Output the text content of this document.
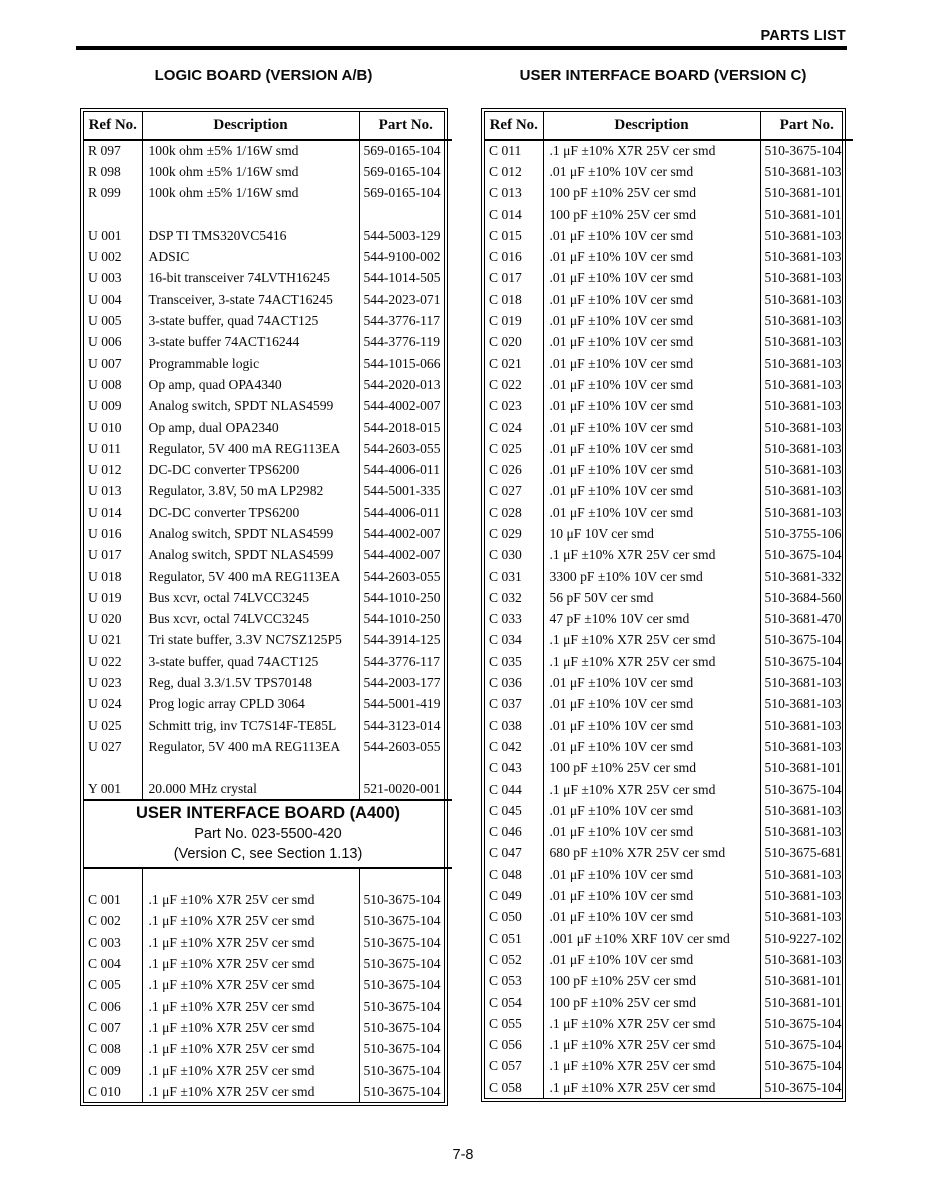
PARTS LIST
LOGIC BOARD (VERSION A/B)	USER INTERFACE BOARD (VERSION C)
Ref No.	Description	Part No.
R 097	100k ohm ±5% 1/16W smd	569-0165-104
R 098	100k ohm ±5% 1/16W smd	569-0165-104
R 099	100k ohm ±5% 1/16W smd	569-0165-104

U 001	DSP TI TMS320VC5416	544-5003-129
U 002	ADSIC	544-9100-002
U 003	16-bit transceiver 74LVTH16245	544-1014-505
U 004	Transceiver, 3-state 74ACT16245	544-2023-071
U 005	3-state buffer, quad 74ACT125	544-3776-117
U 006	3-state buffer 74ACT16244	544-3776-119
U 007	Programmable logic	544-1015-066
U 008	Op amp, quad OPA4340	544-2020-013
U 009	Analog switch, SPDT NLAS4599	544-4002-007
U 010	Op amp, dual OPA2340	544-2018-015
U 011	Regulator, 5V 400 mA REG113EA	544-2603-055
U 012	DC-DC converter TPS6200	544-4006-011
U 013	Regulator, 3.8V, 50 mA LP2982	544-5001-335
U 014	DC-DC converter TPS6200	544-4006-011
U 016	Analog switch, SPDT NLAS4599	544-4002-007
U 017	Analog switch, SPDT NLAS4599	544-4002-007
U 018	Regulator, 5V 400 mA REG113EA	544-2603-055
U 019	Bus xcvr, octal 74LVCC3245	544-1010-250
U 020	Bus xcvr, octal 74LVCC3245	544-1010-250
U 021	Tri state buffer, 3.3V NC7SZ125P5	544-3914-125
U 022	3-state buffer, quad 74ACT125	544-3776-117
U 023	Reg, dual 3.3/1.5V TPS70148	544-2003-177
U 024	Prog logic array CPLD 3064	544-5001-419
U 025	Schmitt trig, inv TC7S14F-TE85L	544-3123-014
U 027	Regulator, 5V 400 mA REG113EA	544-2603-055

Y 001	20.000 MHz crystal	521-0020-001

USER INTERFACE BOARD (A400)
Part No. 023-5500-420
(Version C, see Section 1.13)		

C 001	.1 μF ±10% X7R 25V cer smd	510-3675-104
C 002	.1 μF ±10% X7R 25V cer smd	510-3675-104
C 003	.1 μF ±10% X7R 25V cer smd	510-3675-104
C 004	.1 μF ±10% X7R 25V cer smd	510-3675-104
C 005	.1 μF ±10% X7R 25V cer smd	510-3675-104
C 006	.1 μF ±10% X7R 25V cer smd	510-3675-104
C 007	.1 μF ±10% X7R 25V cer smd	510-3675-104
C 008	.1 μF ±10% X7R 25V cer smd	510-3675-104
C 009	.1 μF ±10% X7R 25V cer smd	510-3675-104
C 010	.1 μF ±10% X7R 25V cer smd	510-3675-104
Ref No.	Description	Part No.
C 011	.1 μF ±10% X7R 25V cer smd	510-3675-104
C 012	.01 μF ±10% 10V cer smd	510-3681-103
C 013	100 pF ±10% 25V cer smd	510-3681-101
C 014	100 pF ±10% 25V cer smd	510-3681-101
C 015	.01 μF ±10% 10V cer smd	510-3681-103
C 016	.01 μF ±10% 10V cer smd	510-3681-103
C 017	.01 μF ±10% 10V cer smd	510-3681-103
C 018	.01 μF ±10% 10V cer smd	510-3681-103
C 019	.01 μF ±10% 10V cer smd	510-3681-103
C 020	.01 μF ±10% 10V cer smd	510-3681-103
C 021	.01 μF ±10% 10V cer smd	510-3681-103
C 022	.01 μF ±10% 10V cer smd	510-3681-103
C 023	.01 μF ±10% 10V cer smd	510-3681-103
C 024	.01 μF ±10% 10V cer smd	510-3681-103
C 025	.01 μF ±10% 10V cer smd	510-3681-103
C 026	.01 μF ±10% 10V cer smd	510-3681-103
C 027	.01 μF ±10% 10V cer smd	510-3681-103
C 028	.01 μF ±10% 10V cer smd	510-3681-103
C 029	10 μF 10V cer smd	510-3755-106
C 030	.1 μF ±10% X7R 25V cer smd	510-3675-104
C 031	3300 pF ±10% 10V cer smd	510-3681-332
C 032	56 pF 50V cer smd	510-3684-560
C 033	47 pF ±10% 10V cer smd	510-3681-470
C 034	.1 μF ±10% X7R 25V cer smd	510-3675-104
C 035	.1 μF ±10% X7R 25V cer smd	510-3675-104
C 036	.01 μF ±10% 10V cer smd	510-3681-103
C 037	.01 μF ±10% 10V cer smd	510-3681-103
C 038	.01 μF ±10% 10V cer smd	510-3681-103
C 042	.01 μF ±10% 10V cer smd	510-3681-103
C 043	100 pF ±10% 25V cer smd	510-3681-101
C 044	.1 μF ±10% X7R 25V cer smd	510-3675-104
C 045	.01 μF ±10% 10V cer smd	510-3681-103
C 046	.01 μF ±10% 10V cer smd	510-3681-103
C 047	680 pF ±10% X7R 25V cer smd	510-3675-681
C 048	.01 μF ±10% 10V cer smd	510-3681-103
C 049	.01 μF ±10% 10V cer smd	510-3681-103
C 050	.01 μF ±10% 10V cer smd	510-3681-103
C 051	.001 μF ±10% XRF 10V cer smd	510-9227-102
C 052	.01 μF ±10% 10V cer smd	510-3681-103
C 053	100 pF ±10% 25V cer smd	510-3681-101
C 054	100 pF ±10% 25V cer smd	510-3681-101
C 055	.1 μF ±10% X7R 25V cer smd	510-3675-104
C 056	.1 μF ±10% X7R 25V cer smd	510-3675-104
C 057	.1 μF ±10% X7R 25V cer smd	510-3675-104
C 058	.1 μF ±10% X7R 25V cer smd	510-3675-104
7-8
